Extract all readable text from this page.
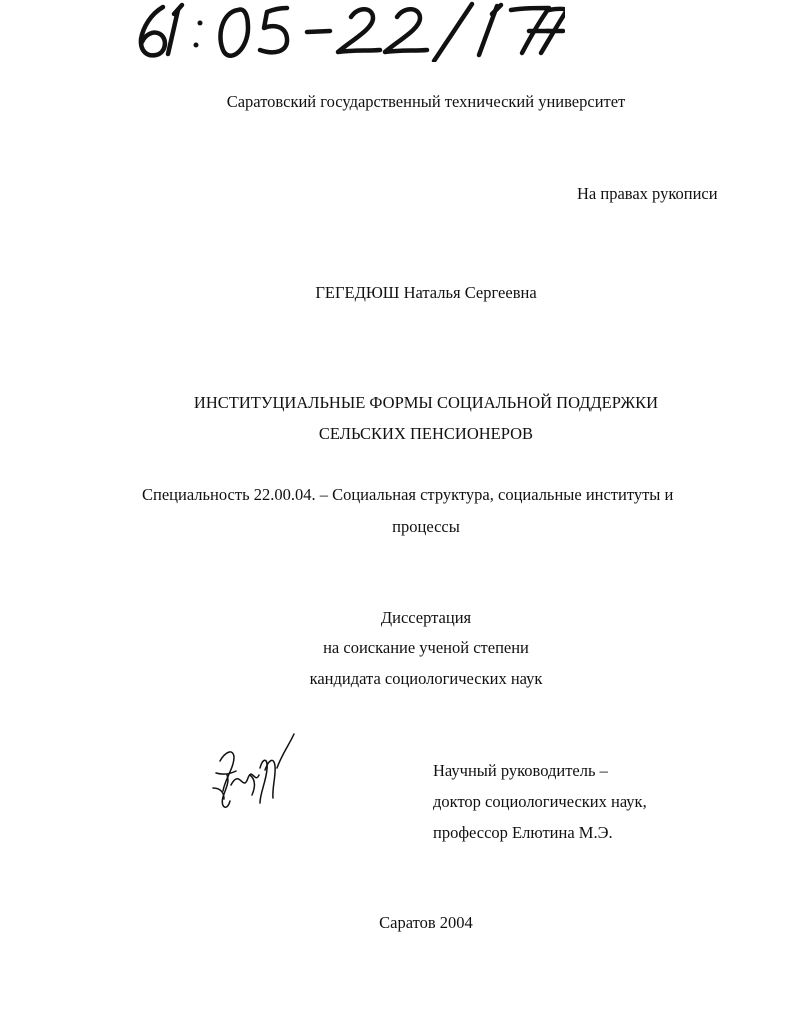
Саратовский государственный технический университет
На правах рукописи
ГЕГЕДЮШ Наталья Сергеевна
ИНСТИТУЦИАЛЬНЫЕ ФОРМЫ СОЦИАЛЬНОЙ ПОДДЕРЖКИ
СЕЛЬСКИХ ПЕНСИОНЕРОВ
Специальность 22.00.04. – Социальная структура, социальные институты и
процессы
Диссертация
на соискание ученой степени
кандидата социологических наук
Научный руководитель –
доктор социологических наук,
профессор Елютина М.Э.
Саратов 2004
